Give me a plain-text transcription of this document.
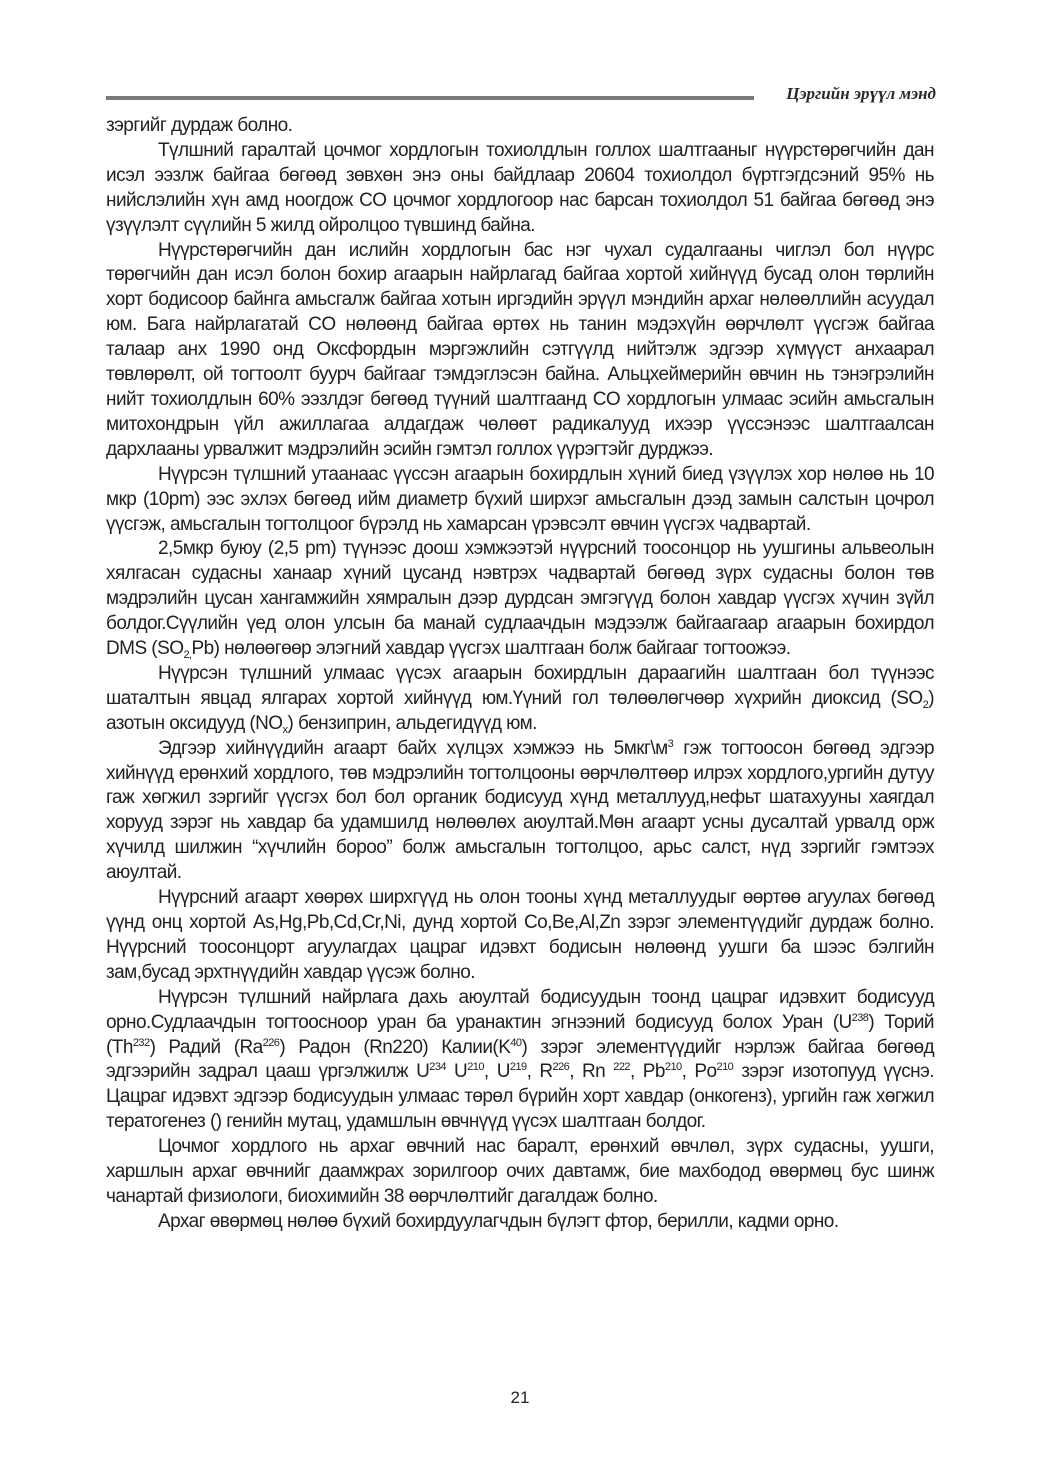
Цэргийн эрүүл мэнд

зэргийг дурдаж болно.

Түлшний гаралтай цочмог хордлогын тохиолдлын голлох шалтгааныг нүүрстөрөгчийн дан исэл ээзлж байгаа бөгөөд зөвхөн энэ оны байдлаар 20604 тохиолдол бүртгэгдсэний 95% нь нийслэлийн хүн амд ноогдож CO цочмог хордлогоор нас барсан тохиолдол 51 байгаа бөгөөд энэ үзүүлэлт сүүлийн 5 жилд ойролцоо түвшинд байна.

Нүүрстөрөгчийн дан ислийн хордлогын бас нэг чухал судалгааны чиглэл бол нүүрс төрөгчийн дан исэл болон бохир агаарын найрлагад байгаа хортой хийнүүд бусад олон төрлийн хорт бодисоор байнга амьсгалж байгаа хотын иргэдийн эрүүл мэндийн архаг нөлөөллийн асуудал юм. Бага найрлагатай CO нөлөөнд байгаа өртөх нь танин мэдэхүйн өөрчлөлт үүсгэж байгаа талаар анх 1990 онд Оксфордын мэргэжлийн сэтгүүлд нийтэлж эдгээр хүмүүст анхаарал төвлөрөлт, ой тогтоолт буурч байгааг тэмдэглэсэн байна. Альцхеймерийн өвчин нь тэнэгрэлийн нийт тохиолдлын 60% ээзлдэг бөгөөд түүний шалтгаанд CO хордлогын улмаас эсийн амьсгалын митохондрын үйл ажиллагаа алдагдаж чөлөөт радикалууд ихээр үүссэнээс шалтгаалсан дархлааны урвалжит мэдрэлийн эсийн гэмтэл голлох үүрэгтэйг дурджээ.

Нүүрсэн түлшний утаанаас үүссэн агаарын бохирдлын хүний биед үзүүлэх хор нөлөө нь 10 мкр (10pm) ээс эхлэх бөгөөд ийм диаметр бүхий ширхэг амьсгалын дээд замын салстын цочрол үүсгэж, амьсгалын тогтолцоог бүрэлд нь хамарсан үрэвсэлт өвчин үүсгэх чадвартай.

2,5мкр буюу (2,5 pm) түүнээс доош хэмжээтэй нүүрсний тоосонцор нь уушгины альвеолын хялгасан судасны ханаар хүний цусанд нэвтрэх чадвартай бөгөөд зүрх судасны болон төв мэдрэлийн цусан хангамжийн хямралын дээр дурдсан эмгэгүүд болон хавдар үүсгэх хүчин зүйл болдог.Сүүлийн үед олон улсын ба манай судлаачдын мэдээлж байгаагаар агаарын бохирдол DMS $(SO_{2,}Pb)$ нөлөөгөөр элэгний хавдар үүсгэх шалтгаан болж байгааг тогтоожээ.

Нүүрсэн түлшний улмаас үүсэх агаарын бохирдлын дараагийн шалтгаан бол түүнээс шаталтын явцад ялгарах хортой хийнүүд юм.Үүний гол төлөөлөгчөөр хүхрийн диоксид $(SO_2)$ азотын оксидууд $(NO_x)$ бензиприн, альдегидүүд юм.

Эдгээр хийнүүдийн агаарт байх хүлцэх хэмжээ нь $5мкг\backslash м^3$ гэж тогтоосон бөгөөд эдгээр хийнүүд ерөнхий хордлого, төв мэдрэлийн тогтолцооны өөрчлөлтөөр илрэх хордлого,ургийн дутуу гаж хөгжил зэргийг үүсгэх бол бол органик бодисууд хүнд металлууд,нефьт шатахууны хаягдал хорууд зэрэг нь хавдар ба удамшилд нөлөөлөх аюултай.Мөн агаарт усны дусалтай урвалд орж хүчилд шилжин “хүчлийн бороо” болж амьсгалын тогтолцоо, арьс салст, нүд зэргийг гэмтээх аюултай.

Нүүрсний агаарт хөөрөх ширхгүүд нь олон тооны хүнд металлуудыг өөртөө агуулах бөгөөд үүнд онц хортой As,Hg,Pb,Cd,Cr,Ni, дунд хортой Co,Be,Al,Zn зэрэг элементүүдийг дурдаж болно. Нүүрсний тоосонцорт агуулагдах цацраг идэвхт бодисын нөлөөнд уушги ба шээс бэлгийн зам,бусад эрхтнүүдийн хавдар үүсэж болно.

Нүүрсэн түлшний найрлага дахь аюултай бодисуудын тоонд цацраг идэвхит бодисууд орно.Судлаачдын тогтоосноор уран ба уранактин эгнээний бодисууд болох Уран $(U^{238})$ Торий (Th$^{232}$) Радий (Ra$^{226}$) Радон (Rn220) $Калии(K^{40})$ зэрэг элементүүдийг нэрлэж байгаа бөгөөд эдгээрийн задрал цааш үргэлжилж $U^{234}$ $U^{210}$, $U^{219}$, $R^{226}$, Rn $^{222}$, Pb$^{210}$, Po$^{210}$ зэрэг изотопууд үүснэ. Цацраг идэвхт эдгээр бодисуудын улмаас төрөл бүрийн хорт хавдар (онкогенз), ургийн гаж хөгжил тератогенез () генийн мутац, удамшлын өвчнүүд үүсэх шалтгаан болдог.

Цочмог хордлого нь архаг өвчний нас баралт, ерөнхий өвчлөл, зүрх судасны, уушги, харшлын архаг өвчнийг даамжрах зорилгоор очих давтамж, бие махбодод өвөрмөц бус шинж чанартай физиологи, биохимийн 38 өөрчлөлтийг дагалдаж болно.

Архаг өвөрмөц нөлөө бүхий бохирдуулагчдын бүлэгт фтор, берилли, кадми орно.

21
